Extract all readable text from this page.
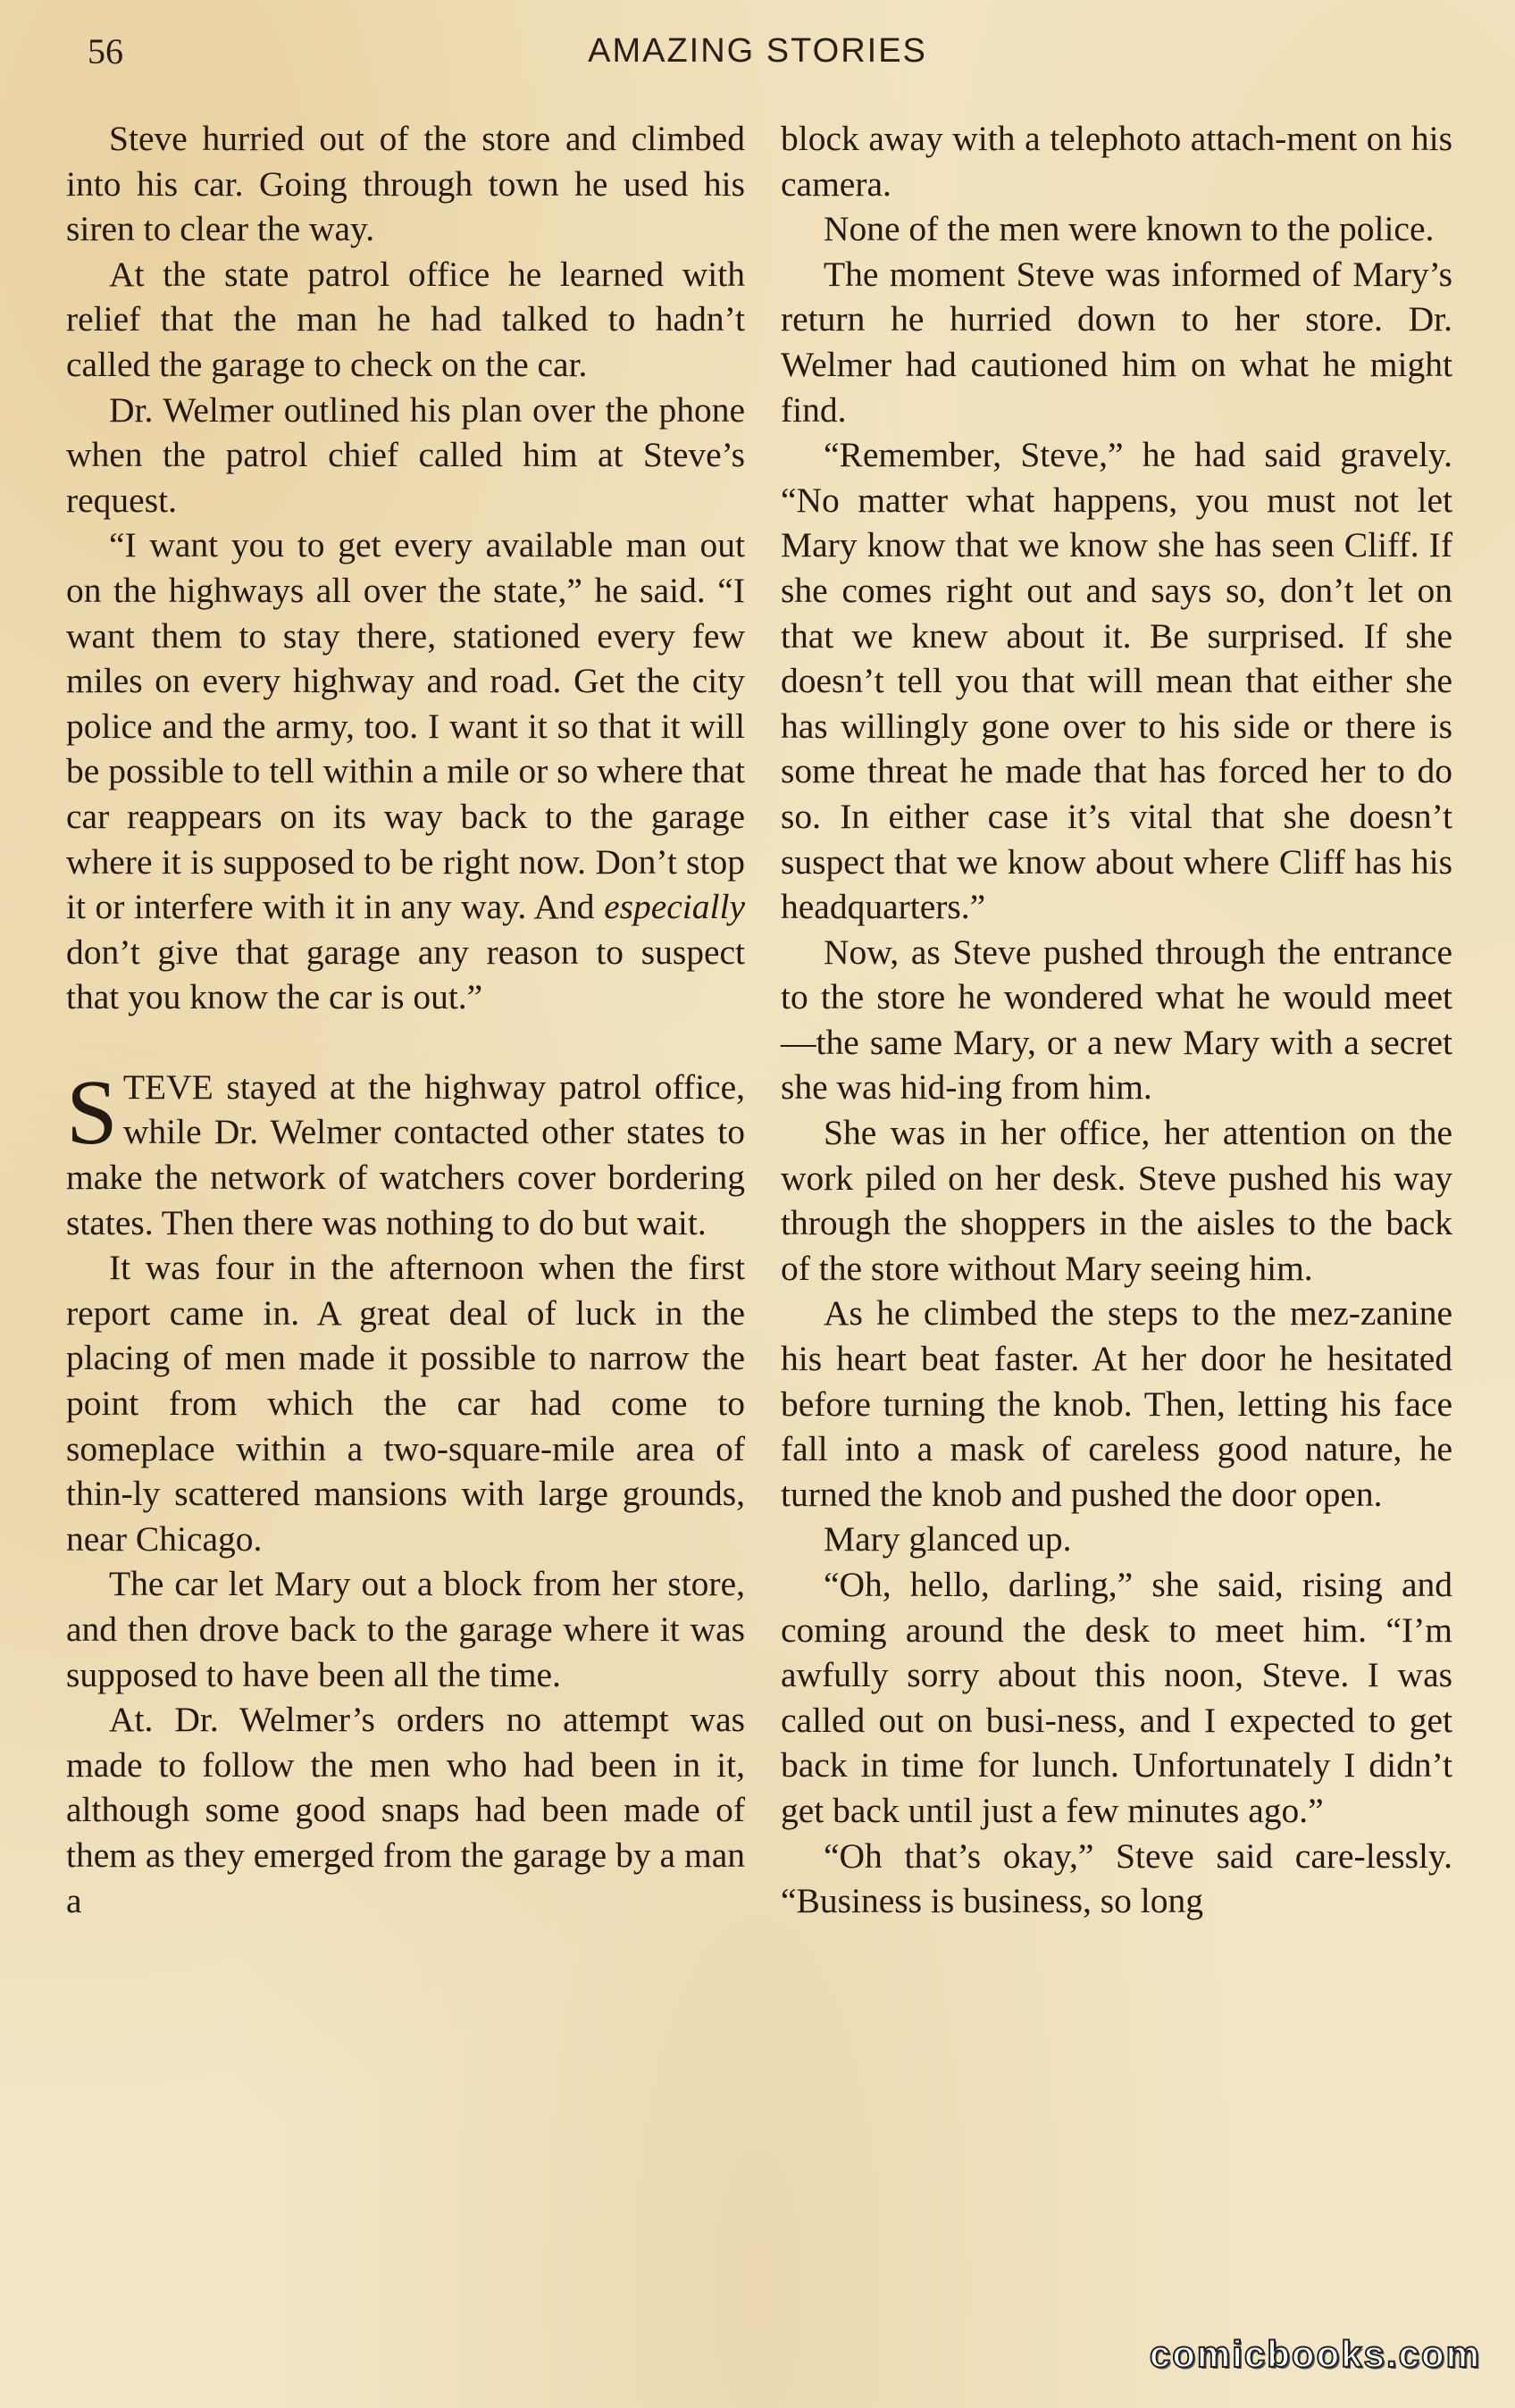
56	AMAZING STORIES

Steve hurried out of the store and climbed into his car. Going through town he used his siren to clear the way.

At the state patrol office he learned with relief that the man he had talked to hadn’t called the garage to check on the car.

Dr. Welmer outlined his plan over the phone when the patrol chief called him at Steve’s request.

“I want you to get every available man out on the highways all over the state,” he said. “I want them to stay there, stationed every few miles on every highway and road. Get the city police and the army, too. I want it so that it will be possible to tell within a mile or so where that car reappears on its way back to the garage where it is supposed to be right now. Don’t stop it or interfere with it in any way. And especially don’t give that garage any reason to suspect that you know the car is out.”

STEVE stayed at the highway patrol office, while Dr. Welmer contacted other states to make the network of watchers cover bordering states. Then there was nothing to do but wait.

It was four in the afternoon when the first report came in. A great deal of luck in the placing of men made it possible to narrow the point from which the car had come to someplace within a two-square-mile area of thin-ly scattered mansions with large grounds, near Chicago.

The car let Mary out a block from her store, and then drove back to the garage where it was supposed to have been all the time.

At. Dr. Welmer’s orders no attempt was made to follow the men who had been in it, although some good snaps had been made of them as they emerged from the garage by a man a

block away with a telephoto attach-ment on his camera.

None of the men were known to the police.

The moment Steve was informed of Mary’s return he hurried down to her store. Dr. Welmer had cautioned him on what he might find.

“Remember, Steve,” he had said gravely. “No matter what happens, you must not let Mary know that we know she has seen Cliff. If she comes right out and says so, don’t let on that we knew about it. Be surprised. If she doesn’t tell you that will mean that either she has willingly gone over to his side or there is some threat he made that has forced her to do so. In either case it’s vital that she doesn’t suspect that we know about where Cliff has his headquarters.”

Now, as Steve pushed through the entrance to the store he wondered what he would meet—the same Mary, or a new Mary with a secret she was hid-ing from him.

She was in her office, her attention on the work piled on her desk. Steve pushed his way through the shoppers in the aisles to the back of the store without Mary seeing him.

As he climbed the steps to the mez-zanine his heart beat faster. At her door he hesitated before turning the knob. Then, letting his face fall into a mask of careless good nature, he turned the knob and pushed the door open.

Mary glanced up.

“Oh, hello, darling,” she said, rising and coming around the desk to meet him. “I’m awfully sorry about this noon, Steve. I was called out on busi-ness, and I expected to get back in time for lunch. Unfortunately I didn’t get back until just a few minutes ago.”

“Oh that’s okay,” Steve said care-lessly. “Business is business, so long

comicbooks.com
